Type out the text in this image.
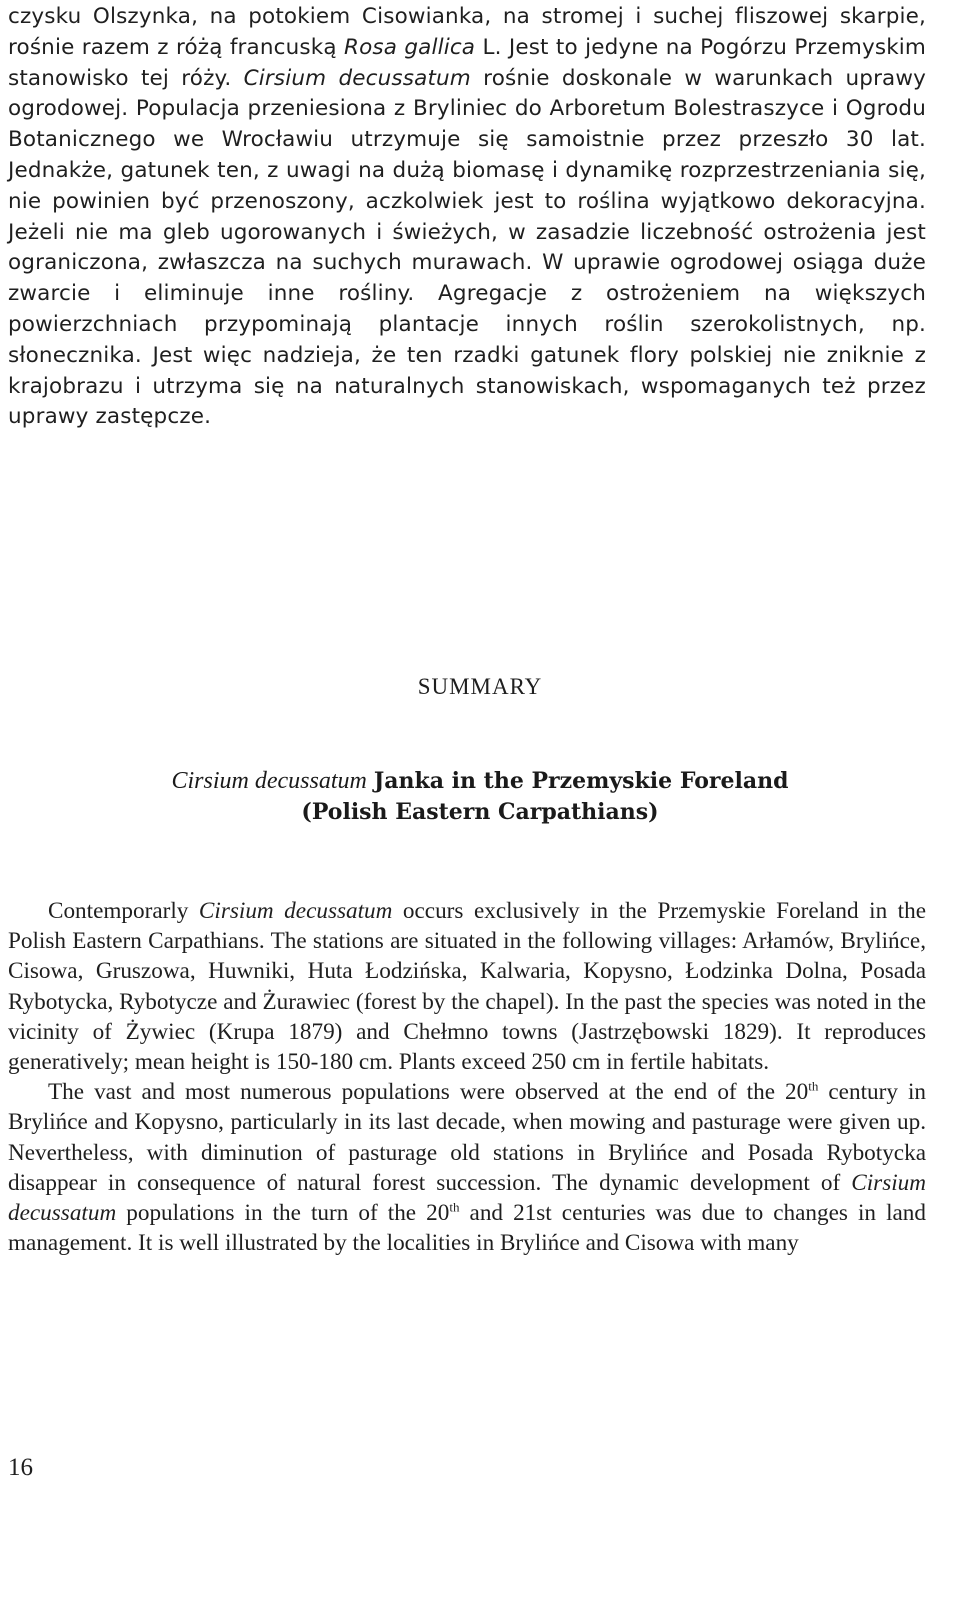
czysku Olszynka, na potokiem Cisowianka, na stromej i suchej fliszowej skarpie, rośnie razem z różą francuską Rosa gallica L. Jest to jedyne na Pogórzu Przemyskim stanowisko tej róży. Cirsium decussatum rośnie doskonale w warunkach uprawy ogrodowej. Populacja przeniesiona z Bryliniec do Arboretum Bolestraszyce i Ogrodu Botanicznego we Wrocławiu utrzymuje się samoistnie przez przeszło 30 lat. Jednakże, gatunek ten, z uwagi na dużą biomasę i dynamikę rozprzestrzeniania się, nie powinien być przenoszony, aczkolwiek jest to roślina wyjątkowo dekoracyjna. Jeżeli nie ma gleb ugorowanych i świeżych, w zasadzie liczebność ostrożenia jest ograniczona, zwłaszcza na suchych murawach. W uprawie ogrodowej osiąga duże zwarcie i eliminuje inne rośliny. Agregacje z ostrożeniem na większych powierzchniach przypominają plantacje innych roślin szerokolistnych, np. słonecznika. Jest więc nadzieja, że ten rzadki gatunek flory polskiej nie zniknie z krajobrazu i utrzyma się na naturalnych stanowiskach, wspomaganych też przez uprawy zastępcze.
SUMMARY
Cirsium decussatum Janka in the Przemyskie Foreland
(Polish Eastern Carpathians)

Contemporarly Cirsium decussatum occurs exclusively in the Przemyskie Foreland in the Polish Eastern Carpathians. The stations are situated in the following villages: Arłamów, Brylińce, Cisowa, Gruszowa, Huwniki, Huta Łodzińska, Kalwaria, Kopysno, Łodzinka Dolna, Posada Rybotycka, Rybotycze and Żurawiec (forest by the chapel). In the past the species was noted in the vicinity of Żywiec (Krupa 1879) and Chełmno towns (Jastrzębowski 1829). It reproduces generatively; mean height is 150-180 cm. Plants exceed 250 cm in fertile habitats.

The vast and most numerous populations were observed at the end of the 20th century in Brylińce and Kopysno, particularly in its last decade, when mowing and pasturage were given up. Nevertheless, with diminution of pasturage old stations in Brylińce and Posada Rybotycka disappear in consequence of natural forest succession. The dynamic development of Cirsium decussatum populations in the turn of the 20th and 21st centuries was due to changes in land management. It is well illustrated by the localities in Brylińce and Cisowa with many

16
